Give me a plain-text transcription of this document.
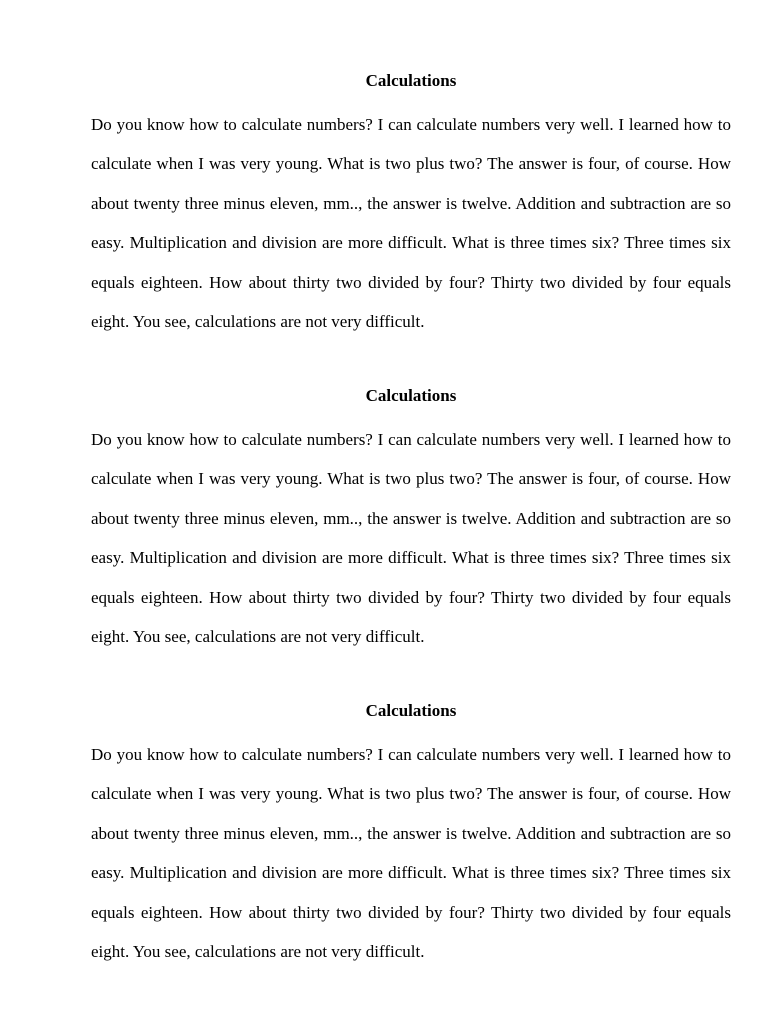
Calculations

Do you know how to calculate numbers? I can calculate numbers very well. I learned how to calculate when I was very young. What is two plus two? The answer is four, of course. How about twenty three minus eleven, mm.., the answer is twelve. Addition and subtraction are so easy. Multiplication and division are more difficult. What is three times six? Three times six equals eighteen. How about thirty two divided by four? Thirty two divided by four equals eight. You see, calculations are not very difficult.

Calculations

Do you know how to calculate numbers? I can calculate numbers very well. I learned how to calculate when I was very young. What is two plus two? The answer is four, of course. How about twenty three minus eleven, mm.., the answer is twelve. Addition and subtraction are so easy. Multiplication and division are more difficult. What is three times six? Three times six equals eighteen. How about thirty two divided by four? Thirty two divided by four equals eight. You see, calculations are not very difficult.

Calculations

Do you know how to calculate numbers? I can calculate numbers very well. I learned how to calculate when I was very young. What is two plus two? The answer is four, of course. How about twenty three minus eleven, mm.., the answer is twelve. Addition and subtraction are so easy. Multiplication and division are more difficult. What is three times six? Three times six equals eighteen. How about thirty two divided by four? Thirty two divided by four equals eight. You see, calculations are not very difficult.
